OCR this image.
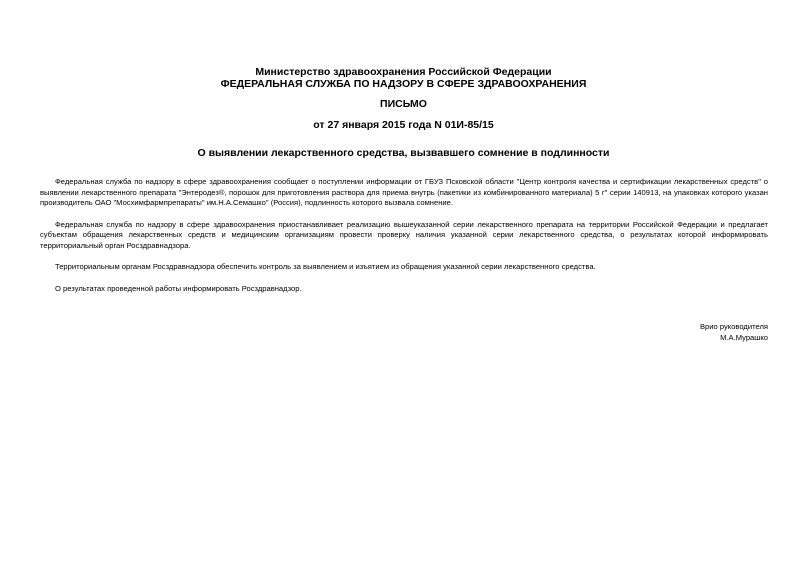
Министерство здравоохранения Российской Федерации
ФЕДЕРАЛЬНАЯ СЛУЖБА ПО НАДЗОРУ В СФЕРЕ ЗДРАВООХРАНЕНИЯ
ПИСЬМО
от 27 января 2015 года N 01И-85/15
О выявлении лекарственного средства, вызвавшего сомнение в подлинности

Федеральная служба по надзору в сфере здравоохранения сообщает о поступлении информации от ГБУЗ Псковской области "Центр контроля качества и сертификации лекарственных средств" о выявлении лекарственного препарата "Энтеродез®, порошок для приготовления раствора для приема внутрь (пакетики из комбинированного материала) 5 г" серии 140913, на упаковках которого указан производитель ОАО "Мосхимфармпрепараты" им.Н.А.Семашко" (Россия), подлинность которого вызвала сомнение.

Федеральная служба по надзору в сфере здравоохранения приостанавливает реализацию вышеуказанной серии лекарственного препарата на территории Российской Федерации и предлагает субъектам обращения лекарственных средств и медицинским организациям провести проверку наличия указанной серии лекарственного средства, о результатах которой информировать территориальный орган Росздравнадзора.

Территориальным органам Росздравнадзора обеспечить контроль за выявлением и изъятием из обращения указанной серии лекарственного средства.

О результатах проведенной работы информировать Росздравнадзор.

Врио руководителя
М.А.Мурашко
